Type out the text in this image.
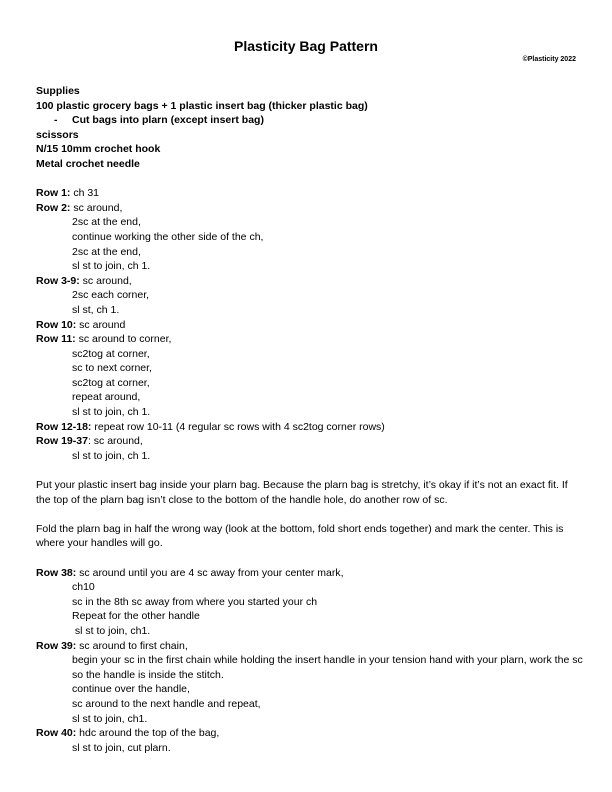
Plasticity Bag Pattern
©Plasticity 2022
Supplies
100 plastic grocery bags + 1 plastic insert bag (thicker plastic bag)
- Cut bags into plarn (except insert bag)
scissors
N/15 10mm crochet hook
Metal crochet needle
Row 1: ch 31
Row 2: sc around,
2sc at the end,
continue working the other side of the ch,
2sc at the end,
sl st to join, ch 1.
Row 3-9: sc around,
2sc each corner,
sl st, ch 1.
Row 10: sc around
Row 11: sc around to corner,
sc2tog at corner,
sc to next corner,
sc2tog at corner,
repeat around,
sl st to join, ch 1.
Row 12-18: repeat row 10-11 (4 regular sc rows with 4 sc2tog corner rows)
Row 19-37: sc around,
sl st to join, ch 1.
Put your plastic insert bag inside your plarn bag. Because the plarn bag is stretchy, it’s okay if it’s not an exact fit. If the top of the plarn bag isn’t close to the bottom of the handle hole, do another row of sc.
Fold the plarn bag in half the wrong way (look at the bottom, fold short ends together) and mark the center. This is where your handles will go.
Row 38: sc around until you are 4 sc away from your center mark,
ch10
sc in the 8th sc away from where you started your ch
Repeat for the other handle
sl st to join, ch1.
Row 39: sc around to first chain,
begin your sc in the first chain while holding the insert handle in your tension hand with your plarn, work the sc so the handle is inside the stitch.
continue over the handle,
sc around to the next handle and repeat,
sl st to join, ch1.
Row 40: hdc around the top of the bag,
sl st to join, cut plarn.
